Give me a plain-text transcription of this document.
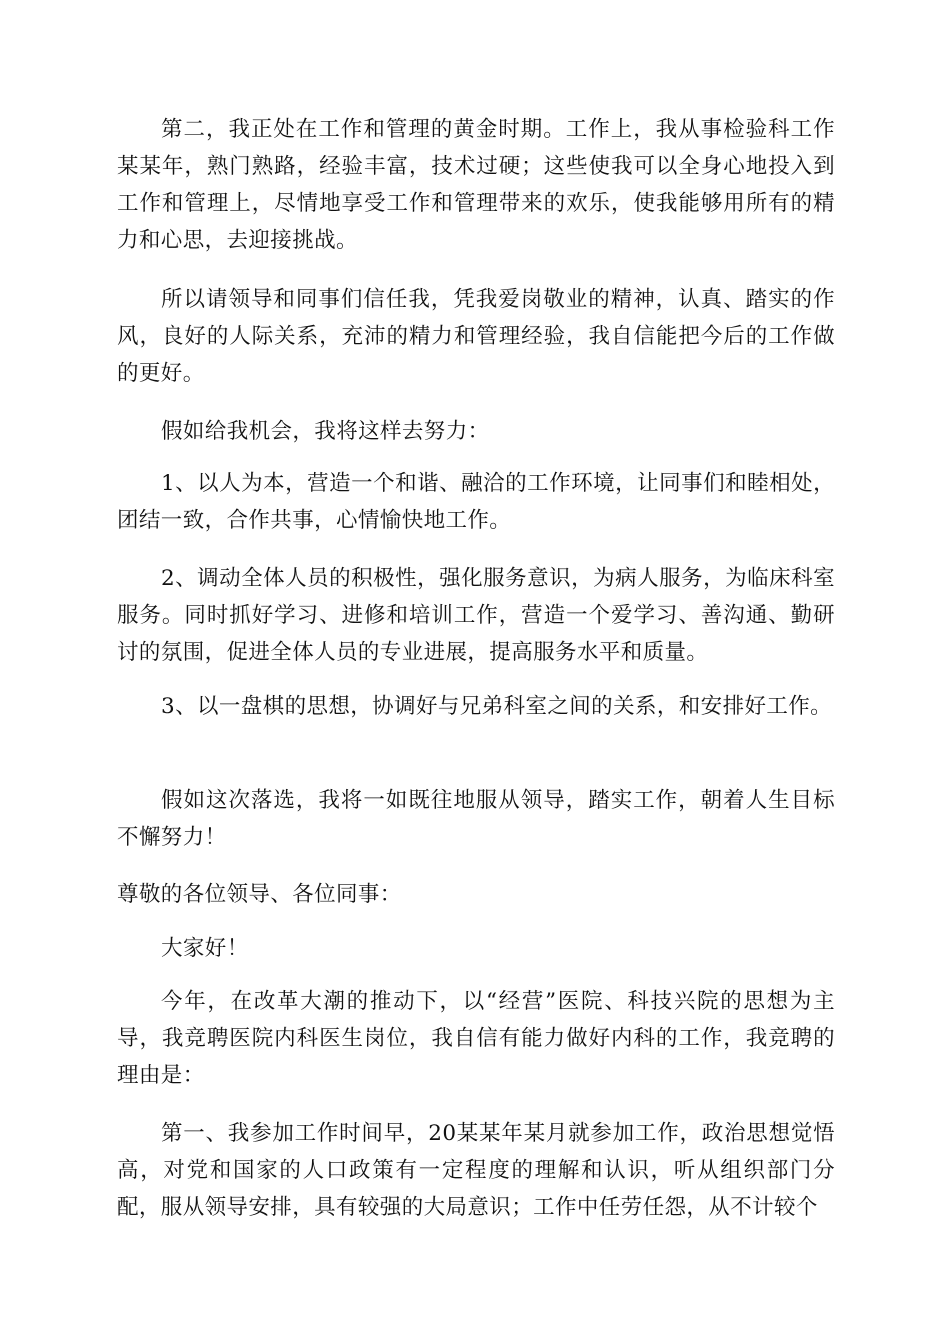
第二，我正处在工作和管理的黄金时期。工作上，我从事检验科工作某某年，熟门熟路，经验丰富，技术过硬；这些使我可以全身心地投入到工作和管理上，尽情地享受工作和管理带来的欢乐，使我能够用所有的精力和心思，去迎接挑战。

所以请领导和同事们信任我，凭我爱岗敬业的精神，认真、踏实的作风，良好的人际关系，充沛的精力和管理经验，我自信能把今后的工作做的更好。

假如给我机会，我将这样去努力：

1、以人为本，营造一个和谐、融洽的工作环境，让同事们和睦相处，团结一致，合作共事，心情愉快地工作。

2、调动全体人员的积极性，强化服务意识，为病人服务，为临床科室服务。同时抓好学习、进修和培训工作，营造一个爱学习、善沟通、勤研讨的氛围，促进全体人员的专业进展，提高服务水平和质量。

3、以一盘棋的思想，协调好与兄弟科室之间的关系，和安排好工作。

假如这次落选，我将一如既往地服从领导，踏实工作，朝着人生目标不懈努力！

尊敬的各位领导、各位同事：

大家好！

今年，在改革大潮的推动下，以“经营”医院、科技兴院的思想为主导，我竞聘医院内科医生岗位，我自信有能力做好内科的工作，我竞聘的理由是：

第一、我参加工作时间早，20某某年某月就参加工作，政治思想觉悟高，对党和国家的人口政策有一定程度的理解和认识，听从组织部门分配，服从领导安排，具有较强的大局意识；工作中任劳任怨，从不计较个
